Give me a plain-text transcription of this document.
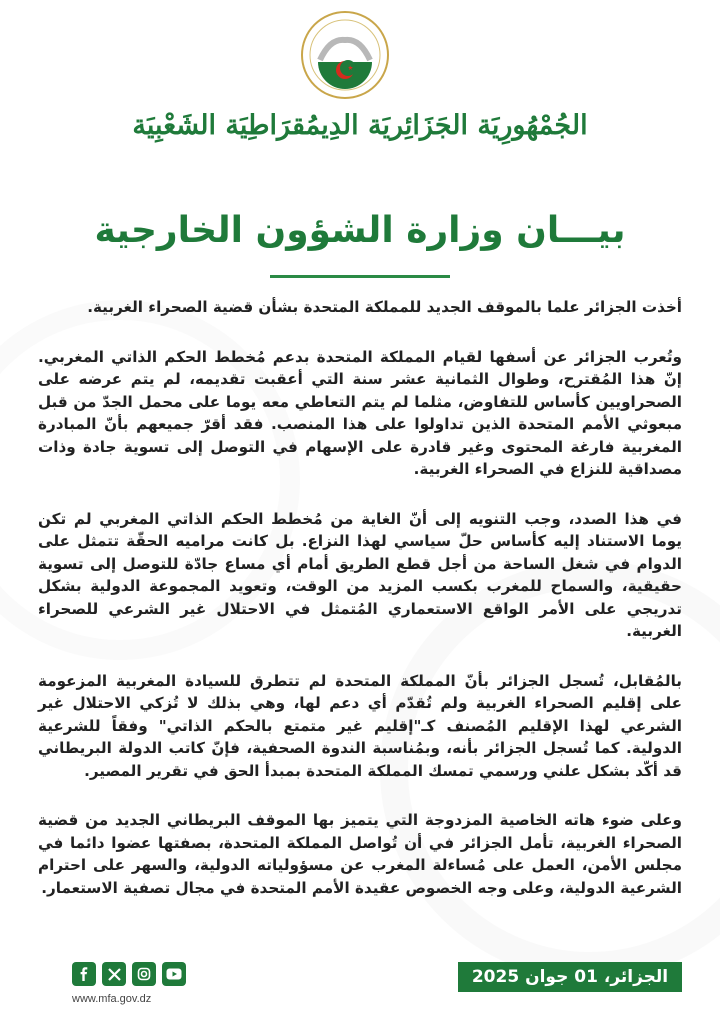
الجُمْهُورِيَة الجَزَائِريَة الدِيمُقرَاطِيَة الشَعْبِيَة
بيـــان وزارة الشؤون الخارجية

أخذت الجزائر علما بالموقف الجديد للمملكة المتحدة بشأن قضية الصحراء الغربية.

وتُعرب الجزائر عن أسفها لقيام المملكة المتحدة بدعم مُخطط الحكم الذاتي المغربي. إنّ هذا المُقترح، وطوال الثمانية عشر سنة التي أعقبت تقديمه، لم يتم عرضه على الصحراويين كأساس للتفاوض، مثلما لم يتم التعاطي معه يوما على محمل الجدّ من قبل مبعوثي الأمم المتحدة الذين تداولوا على هذا المنصب. فقد أقرّ جميعهم بأنّ المبادرة المغربية فارغة المحتوى وغير قادرة على الإسهام في التوصل إلى تسوية جادة وذات مصداقية للنزاع في الصحراء الغربية.

في هذا الصدد، وجب التنويه إلى أنّ الغاية من مُخطط الحكم الذاتي المغربي لم تكن يوما الاستناد إليه كأساس حلّ سياسي لهذا النزاع. بل كانت مراميه الحقّة تتمثل على الدوام في شغل الساحة من أجل قطع الطريق أمام أي مساع جادّة للتوصل إلى تسوية حقيقية، والسماح للمغرب بكسب المزيد من الوقت، وتعويد المجموعة الدولية بشكل تدريجي على الأمر الواقع الاستعماري المُتمثل في الاحتلال غير الشرعي للصحراء الغربية.

بالمُقابل، تُسجل الجزائر بأنّ المملكة المتحدة لم تتطرق للسيادة المغربية المزعومة على إقليم الصحراء الغربية ولم تُقدّم أي دعم لها، وهي بذلك لا تُزكي الاحتلال غير الشرعي لهذا الإقليم المُصنف كـ"إقليم غير متمتع بالحكم الذاتي" وفقاً للشرعية الدولية. كما تُسجل الجزائر بأنه، وبمُناسبة الندوة الصحفية، فإنّ كاتب الدولة البريطاني قد أكّد بشكل علني ورسمي تمسك المملكة المتحدة بمبدأ الحق في تقرير المصير.

وعلى ضوء هاته الخاصية المزدوجة التي يتميز بها الموقف البريطاني الجديد من قضية الصحراء الغربية، تأمل الجزائر في أن تُواصل المملكة المتحدة، بصفتها عضوا دائما في مجلس الأمن، العمل على مُساءلة المغرب عن مسؤولياته الدولية، والسهر على احترام الشرعية الدولية، وعلى وجه الخصوص عقيدة الأمم المتحدة في مجال تصفية الاستعمار.

www.mfa.gov.dz
الجزائر، 01 جوان 2025
